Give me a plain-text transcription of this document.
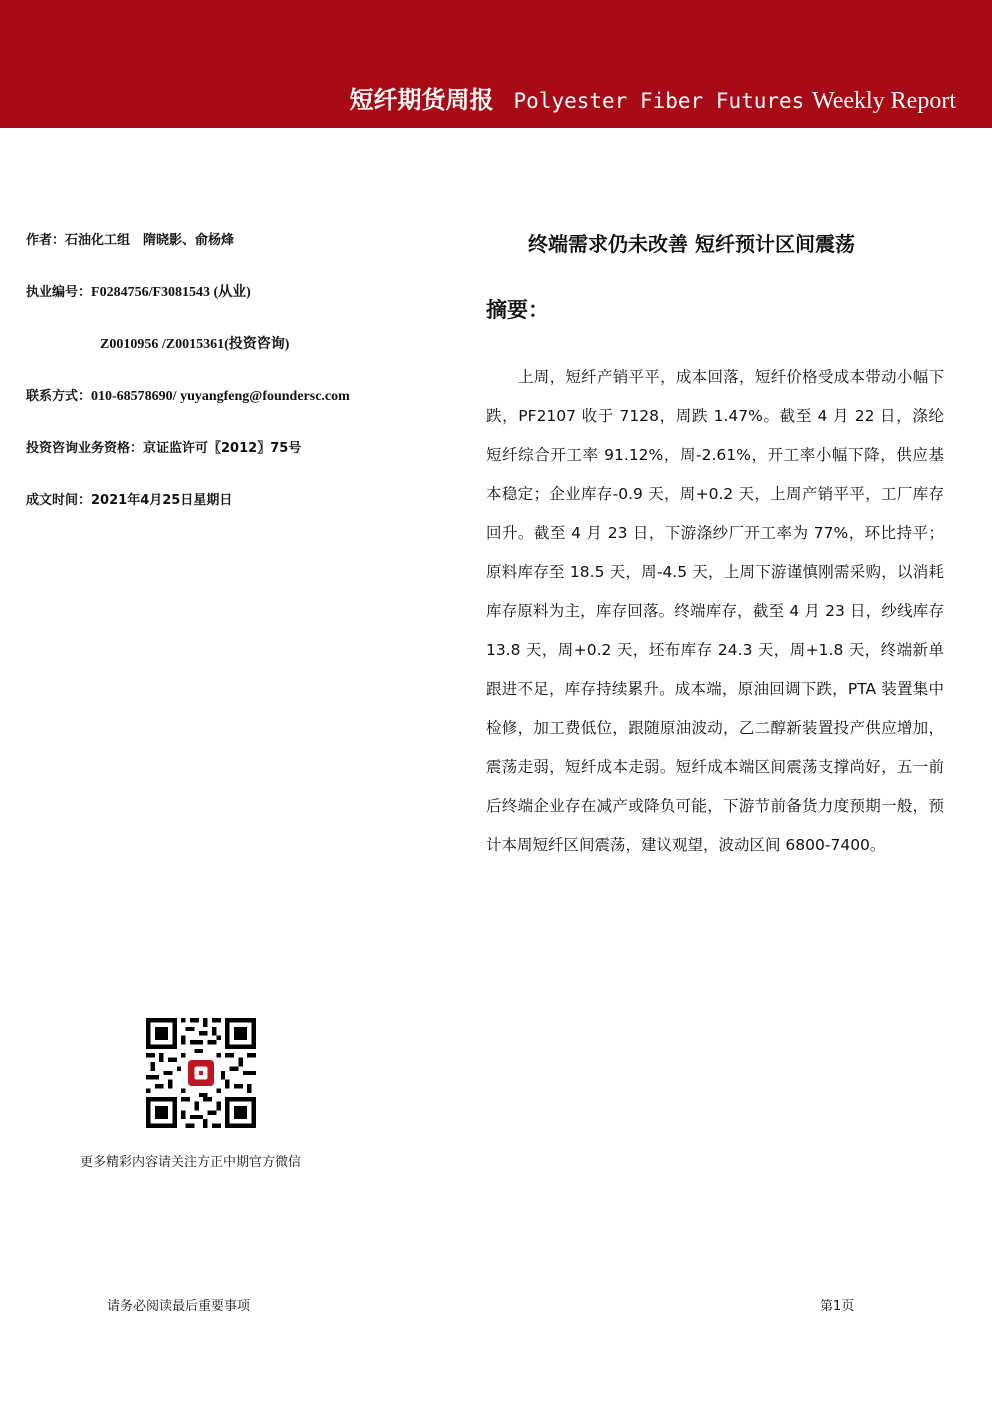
短纤期货周报 Polyester Fiber Futures Weekly Report
作者：石油化工组　隋晓影、俞杨烽
执业编号：F0284756/F3081543 (从业)
Z0010956 /Z0015361(投资咨询)
联系方式：010-68578690/ yuyangfeng@foundersc.com
投资咨询业务资格：京证监许可〖2012〗75号
成文时间：2021年4月25日星期日
终端需求仍未改善 短纤预计区间震荡
摘要：

上周，短纤产销平平，成本回落，短纤价格受成本带动小幅下跌，PF2107 收于 7128，周跌 1.47%。截至 4 月 22 日，涤纶短纤综合开工率 91.12%，周-2.61%，开工率小幅下降，供应基本稳定；企业库存-0.9 天，周+0.2 天，上周产销平平，工厂库存回升。截至 4 月 23 日，下游涤纱厂开工率为 77%，环比持平；原料库存至 18.5 天，周-4.5 天，上周下游谨慎刚需采购，以消耗库存原料为主，库存回落。终端库存，截至 4 月 23 日，纱线库存 13.8 天，周+0.2 天，坯布库存 24.3 天，周+1.8 天，终端新单跟进不足，库存持续累升。成本端，原油回调下跌，PTA 装置集中检修，加工费低位，跟随原油波动，乙二醇新装置投产供应增加，震荡走弱，短纤成本走弱。短纤成本端区间震荡支撑尚好，五一前后终端企业存在减产或降负可能，下游节前备货力度预期一般，预计本周短纤区间震荡，建议观望，波动区间 6800-7400。

更多精彩内容请关注方正中期官方微信
请务必阅读最后重要事项	第1页
